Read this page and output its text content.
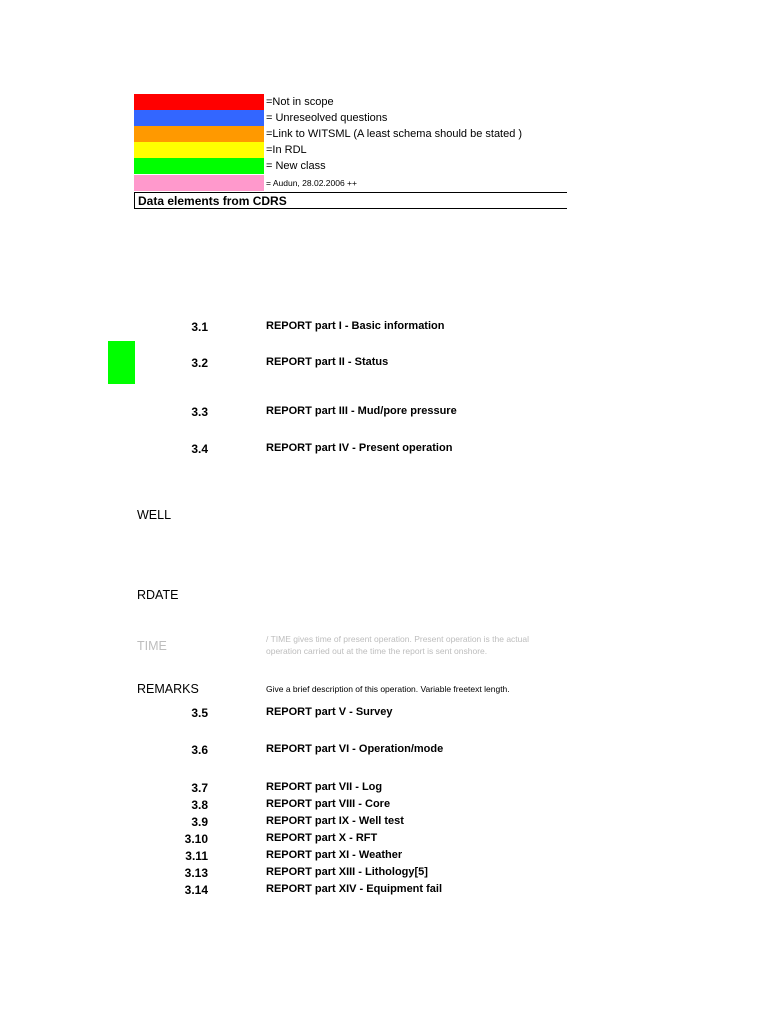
=Not in scope
= Unreseolved questions
=Link to WITSML (A least schema should be stated )
=In RDL
= New class
= Audun, 28.02.2006 ++
Data elements from CDRS
3.1	REPORT part I - Basic information
3.2	REPORT part II - Status
3.3	REPORT part III - Mud/pore pressure
3.4	REPORT part IV - Present operation
WELL
RDATE
TIME	/ TIME gives time of present operation. Present operation is the actual operation carried out at the time the report is sent onshore.
REMARKS	Give a brief description of this operation. Variable freetext length.
3.5	REPORT part V - Survey
3.6	REPORT part VI - Operation/mode
3.7	REPORT part VII - Log
3.8	REPORT part VIII - Core
3.9	REPORT part IX - Well test
3.10	REPORT part X - RFT
3.11	REPORT part XI - Weather
3.13	REPORT part XIII - Lithology[5]
3.14	REPORT part XIV - Equipment fail
